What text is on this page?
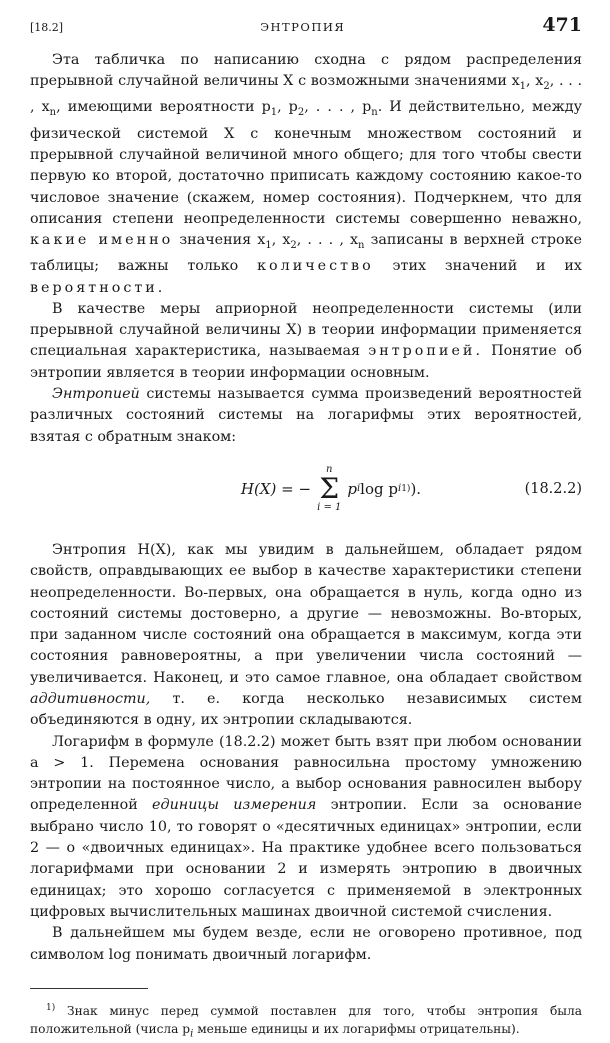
[18.2]	ЭНТРОПИЯ	471

Эта табличка по написанию сходна с рядом распределения прерывной случайной величины X с возможными значениями $x_1$, $x_2$, . . . , $x_n$, имеющими вероятности $p_1$, $p_2$, . . . , $p_n$. И действительно, между физической системой X с конечным множеством состояний и прерывной случайной величиной много общего; для того чтобы свести первую ко второй, достаточно приписать каждому состоянию какое-то числовое значение (скажем, номер состояния). Подчеркнем, что для описания степени неопределенности системы совершенно неважно, какие именно значения $x_1$, $x_2$, . . . , $x_n$ записаны в верхней строке таблицы; важны только количество этих значений и их вероятности.

В качестве меры априорной неопределенности системы (или прерывной случайной величины X) в теории информации применяется специальная характеристика, называемая энтропией. Понятие об энтропии является в теории информации основным.

Энтропией системы называется сумма произведений вероятностей различных состояний системы на логарифмы этих вероятностей, взятая с обратным знаком:

H(X) = −
n
Σ
i = 1
p i log p i 1) ).	(18.2.2)

Энтропия H(X), как мы увидим в дальнейшем, обладает рядом свойств, оправдывающих ее выбор в качестве характеристики степени неопределенности. Во-первых, она обращается в нуль, когда одно из состояний системы достоверно, а другие — невозможны. Во-вторых, при заданном числе состояний она обращается в максимум, когда эти состояния равновероятны, а при увеличении числа состояний — увеличивается. Наконец, и это самое главное, она обладает свойством аддитивности, т. е. когда несколько независимых систем объединяются в одну, их энтропии складываются.

Логарифм в формуле (18.2.2) может быть взят при любом основании a > 1. Перемена основания равносильна простому умножению энтропии на постоянное число, а выбор основания равносилен выбору определенной единицы измерения энтропии. Если за основание выбрано число 10, то говорят о «десятичных единицах» энтропии, если 2 — о «двоичных единицах». На практике удобнее всего пользоваться логарифмами при основании 2 и измерять энтропию в двоичных единицах; это хорошо согласуется с применяемой в электронных цифровых вычислительных машинах двоичной системой счисления.

В дальнейшем мы будем везде, если не оговорено противное, под символом log понимать двоичный логарифм.

$^{1)}$ Знак минус перед суммой поставлен для того, чтобы энтропия была положительной (числа $p_i$ меньше единицы и их логарифмы отрицательны).
